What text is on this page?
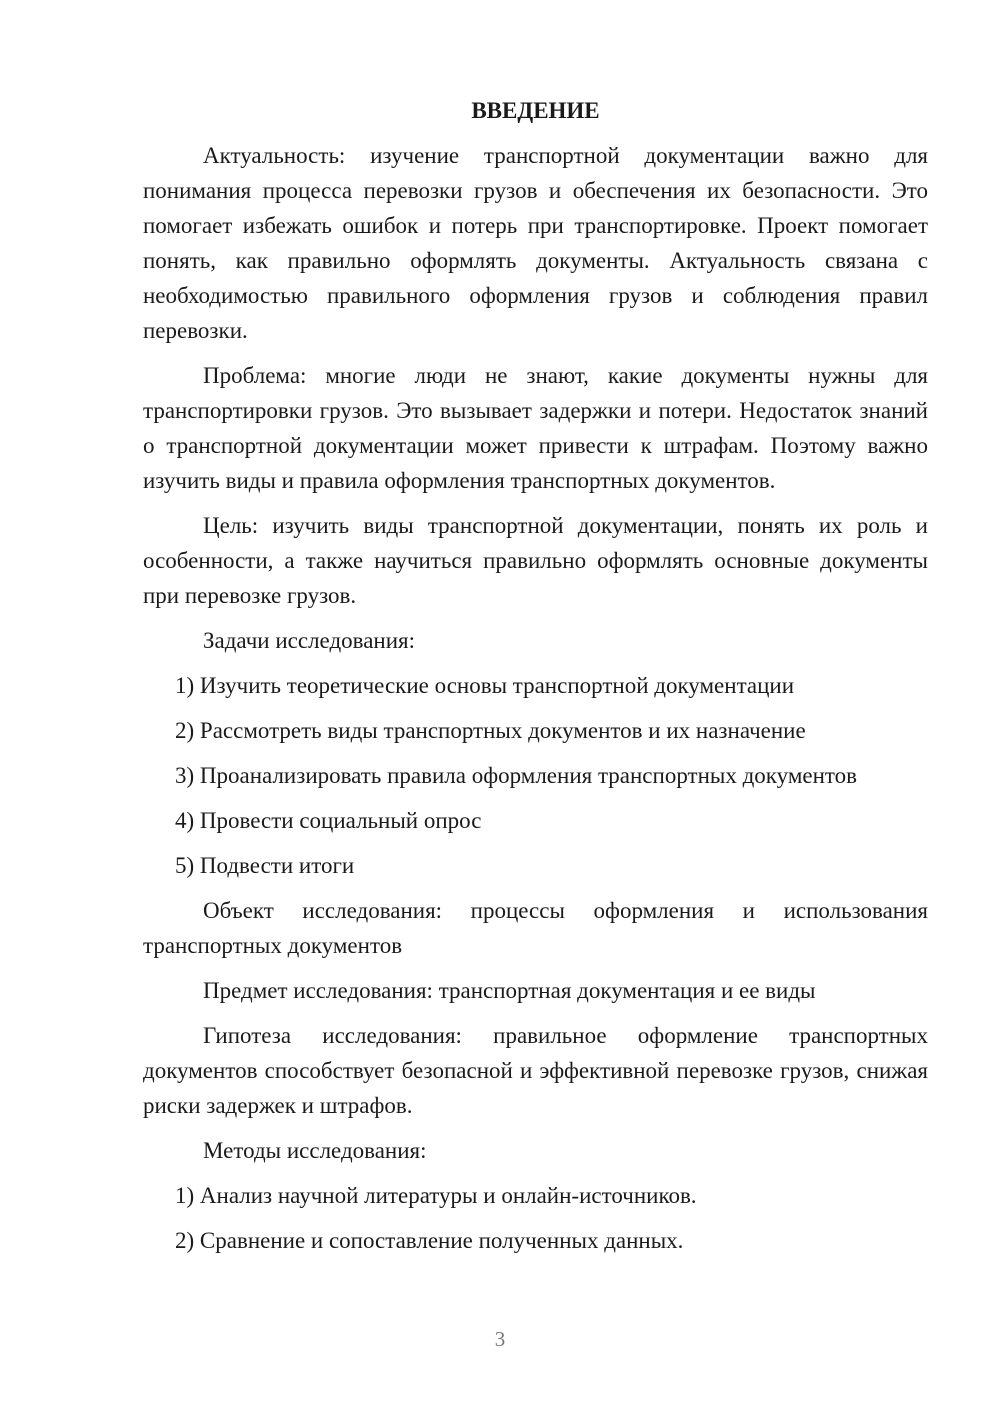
ВВЕДЕНИЕ

Актуальность: изучение транспортной документации важно для понимания процесса перевозки грузов и обеспечения их безопасности. Это помогает избежать ошибок и потерь при транспортировке. Проект помогает понять, как правильно оформлять документы. Актуальность связана с необходимостью правильного оформления грузов и соблюдения правил перевозки.

Проблема: многие люди не знают, какие документы нужны для транспортировки грузов. Это вызывает задержки и потери. Недостаток знаний о транспортной документации может привести к штрафам. Поэтому важно изучить виды и правила оформления транспортных документов.

Цель: изучить виды транспортной документации, понять их роль и особенности, а также научиться правильно оформлять основные документы при перевозке грузов.

Задачи исследования:

1) Изучить теоретические основы транспортной документации

2) Рассмотреть виды транспортных документов и их назначение

3) Проанализировать правила оформления транспортных документов

4) Провести социальный опрос

5) Подвести итоги

Объект исследования: процессы оформления и использования транспортных документов

Предмет исследования: транспортная документация и ее виды

Гипотеза исследования: правильное оформление транспортных документов способствует безопасной и эффективной перевозке грузов, снижая риски задержек и штрафов.

Методы исследования:

1) Анализ научной литературы и онлайн-источников.

2) Сравнение и сопоставление полученных данных.

3
